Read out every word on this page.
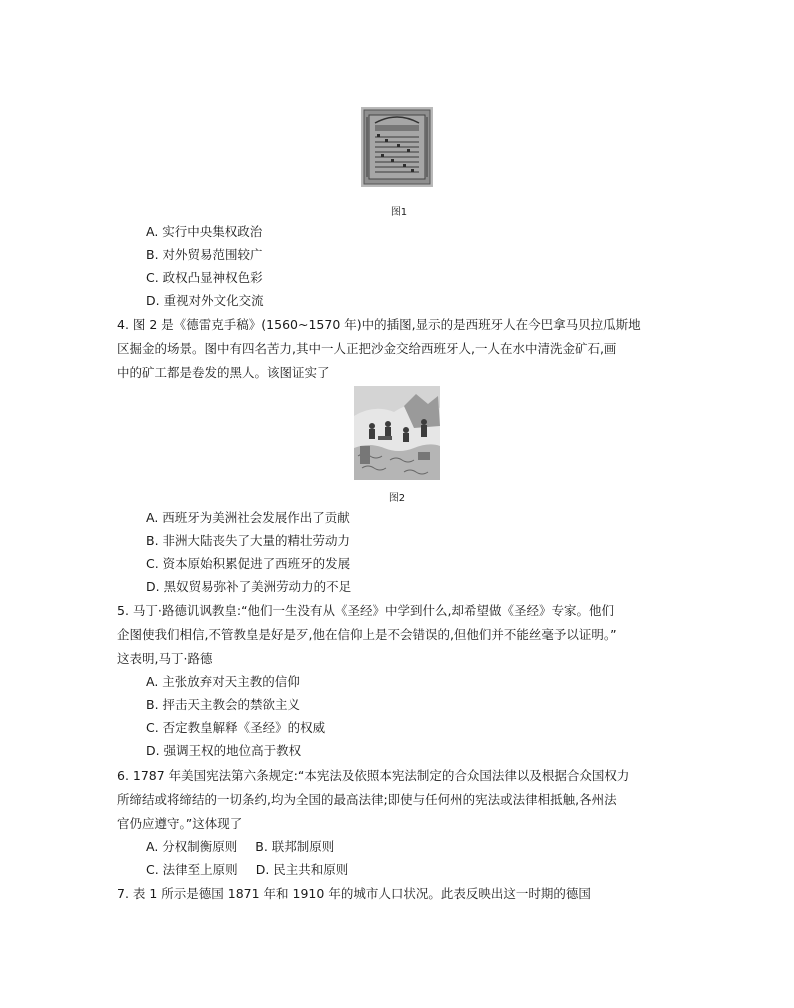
图1
A. 实行中央集权政治
B. 对外贸易范围较广
C. 政权凸显神权色彩
D. 重视对外文化交流
4. 图 2 是《德雷克手稿》(1560~1570 年)中的插图,显示的是西班牙人在今巴拿马贝拉瓜斯地
区掘金的场景。图中有四名苦力,其中一人正把沙金交给西班牙人,一人在水中清洗金矿石,画
中的矿工都是卷发的黑人。该图证实了
图2
A. 西班牙为美洲社会发展作出了贡献
B. 非洲大陆丧失了大量的精壮劳动力
C. 资本原始积累促进了西班牙的发展
D. 黑奴贸易弥补了美洲劳动力的不足
5. 马丁·路德讥讽教皇:“他们一生没有从《圣经》中学到什么,却希望做《圣经》专家。他们
企图使我们相信,不管教皇是好是歹,他在信仰上是不会错误的,但他们并不能丝毫予以证明。”
这表明,马丁·路德
A. 主张放弃对天主教的信仰
B. 抨击天主教会的禁欲主义
C. 否定教皇解释《圣经》的权威
D. 强调王权的地位高于教权
6. 1787 年美国宪法第六条规定:“本宪法及依照本宪法制定的合众国法律以及根据合众国权力
所缔结或将缔结的一切条约,均为全国的最高法律;即使与任何州的宪法或法律相抵触,各州法
官仍应遵守。”这体现了
A. 分权制衡原则 B. 联邦制原则
C. 法律至上原则 D. 民主共和原则
7. 表 1 所示是德国 1871 年和 1910 年的城市人口状况。此表反映出这一时期的德国
